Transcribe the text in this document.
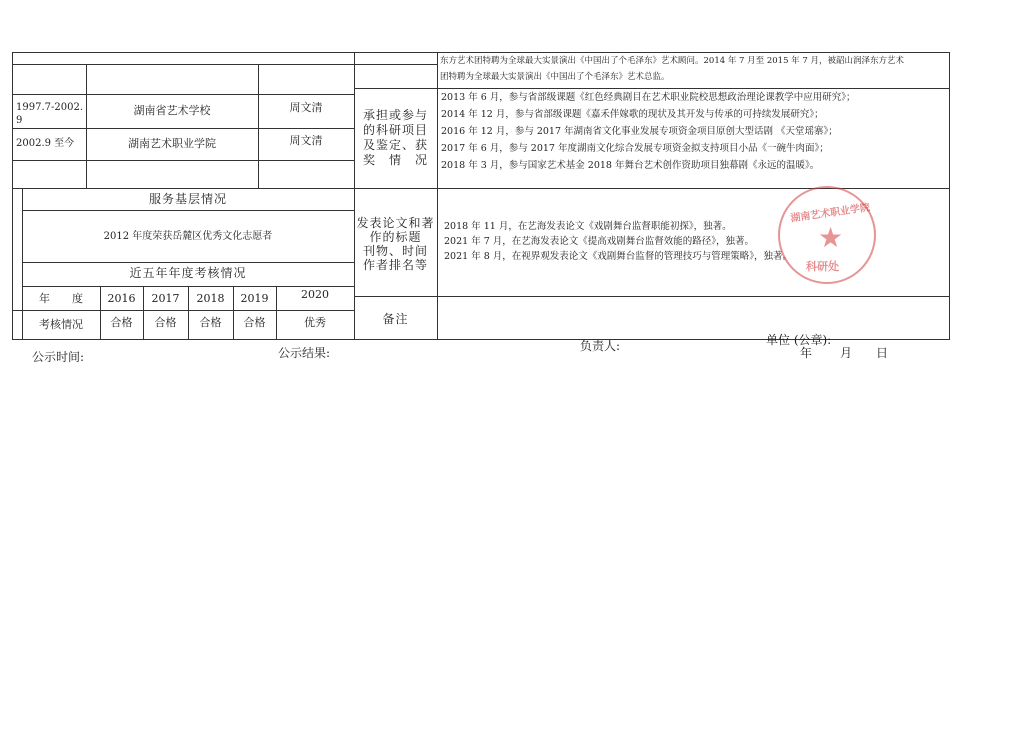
东方艺术团特聘为全球最大实景演出《中国出了个毛泽东》艺术顾问。2014 年 7 月至 2015 年 7 月，被韶山润泽东方艺术
团特聘为全球最大实景演出《中国出了个毛泽东》艺术总监。
1997.7-2002.
9
湖南省艺术学校	周文清
2002.9 至今	湖南艺术职业学院	周文清
承担或参与
的科研项目
及鉴定、获
奖　情　况
2013 年 6 月，参与省部级课题《红色经典剧目在艺术职业院校思想政治理论课教学中应用研究》；
2014 年 12 月，参与省部级课题《嘉禾伴嫁歌的现状及其开发与传承的可持续发展研究》；
2016 年 12 月，参与 2017 年湖南省文化事业发展专项资金项目原创大型话剧 《天堂瑶寨》；
2017 年 6 月，参与 2017 年度湖南文化综合发展专项资金拟支持项目小品《一碗牛肉面》；
2018 年 3 月，参与国家艺术基金 2018 年舞台艺术创作资助项目独幕剧《永远的温暖》。
服务基层情况
2012 年度荣获岳麓区优秀文化志愿者
近五年年度考核情况
年　　度	2016	2017	2018	2019	2020
考核情况	合格	合格	合格	合格	优秀
发表论文和著
作的标题
刊物、时间
作者排名等
2018 年 11 月，在艺海发表论文《戏剧舞台监督职能初探》，独著。
2021 年 7 月，在艺海发表论文《提高戏剧舞台监督效能的路径》，独著。
2021 年 8 月，在视界观发表论文《戏剧舞台监督的管理技巧与管理策略》，独著。
备注
★
湖南艺术职业学院
科研处
公示时间:	公示结果:	负责人:	单位 (公章):
年 月 日
